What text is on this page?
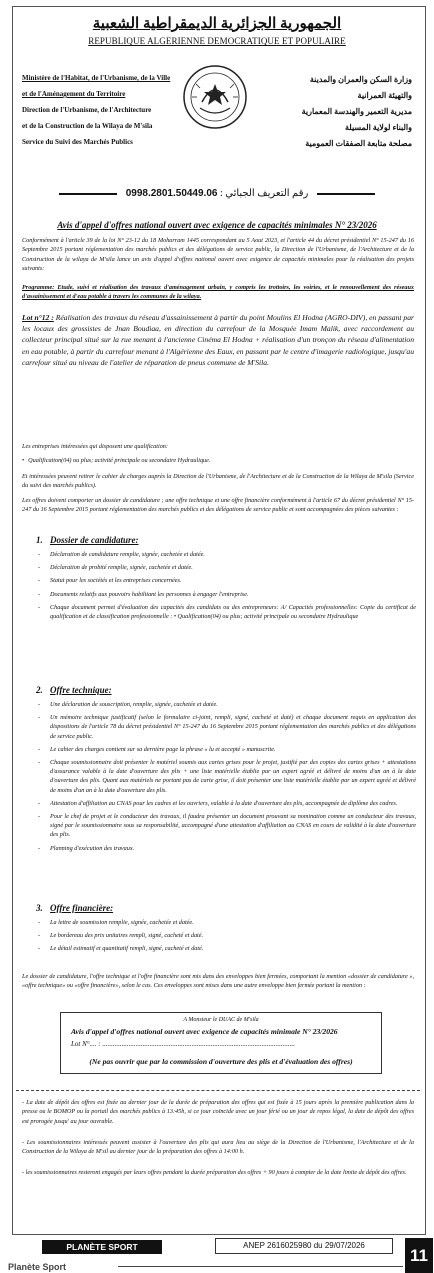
الجمهورية الجزائرية الديمقراطية الشعبية
REPUBLIQUE ALGERIENNE DEMOCRATIQUE ET POPULAIRE
Ministère de l'Habitat, de l'Urbanisme, de la Ville
et de l'Aménagement du Territoire
Direction de l'Urbanisme, de l'Architecture
et de la Construction de la Wilaya de M'sila
Service du Suivi des Marchés Publics
وزارة السكن والعمران والمدينة
والتهيئة العمرانية
مديرية التعمير والهندسة المعمارية
والبناء لولاية المسيلة
مصلحة متابعة الصفقات العمومية
0998.2801.50449.06 : رقم التعريف الجبائي
Avis d'appel d'offres national ouvert avec exigence de capacités minimales N° 23/2026
Conformément à l'article 39 de la loi N° 23-12 du 18 Moharram 1445 correspondant au 5 Aout 2023, et l'article 44 du décret présidentiel N° 15-247 du 16 Septembre 2015 portant réglementation des marchés publics et des délégations de service public, la Direction de l'Urbanisme, de l'Architecture et de la Construction de la wilaya de M'sila lance un avis d'appel d'offres national ouvert avec exigence de capacités minimales pour la réalisation des projets suivants:
Programme: Etude, suivi et réalisation des travaux d'aménagement urbain, y compris les trottoirs, les voiries, et le renouvellement des réseaux d'assainissement et d'eau potable à travers les communes de la wilaya.
Lot n°12 : Réalisation des travaux du réseau d'assainissement à partir du point Moulins El Hodna (AGRO-DIV), en passant par les locaux des grossistes de Jnan Boudiaa, en direction du carrefour de la Mosquée Imam Malik, avec raccordement au collecteur principal situé sur la rue menant à l'ancienne Cinéma El Hodna + réalisation d'un tronçon du réseau d'alimentation en eau potable, à partir du carrefour menant à l'Algérienne des Eaux, en passant par le centre d'imagerie radiologique, jusqu'au carrefour situé au niveau de l'atelier de réparation de pneus commune de M'Sila.
Les entreprises intéressées qui disposent une qualification:
• Qualification(04) ou plus; activité principale ou secondaire Hydraulique.
Et intéressées peuvent retirer le cahier de charges auprès la Direction de l'Urbanisme, de l'Architecture et de la Construction de la Wilaya de M'sila (Service du suivi des marchés publics).
Les offres doivent comporter un dossier de candidature ; une offre technique et une offre financière conformément à l'article 67 du décret présidentiel N° 15-247 du 16 Septembre 2015 portant réglementation des marchés publics et des délégations de service public et sont accompagnées des pièces suivantes :
1. Dossier de candidature:
- Déclaration de candidature remplie, signée, cachetée et datée.
- Déclaration de probité remplie, signée, cachetée et datée.
- Statut pour les sociétés et les entreprises concernées.
- Documents relatifs aux pouvoirs habilitant les personnes à engager l'entreprise.
- Chaque document permet d'évaluation des capacités des candidats ou des entrepreneurs: A/ Capacités professionnelles: Copie du certificat de qualification et de classification professionnelle : • Qualification(04) ou plus; activité principale ou secondaire Hydraulique
2. Offre technique:
- Une déclaration de souscription, remplie, signée, cachetée et datée.
- Un mémoire technique justificatif (selon le formulaire ci-joint, rempli, signé, cacheté et daté) et chaque document requis en application des dispositions de l'article 78 du décret présidentiel N° 15-247 du 16 Septembre 2015 portant réglementation des marchés publics et des délégations de service public.
- Le cahier des charges contient sur sa dernière page la phrase « lu et accepté » manuscrite.
- Chaque soumissionnaire doit présenter le matériel soumis aux cartes grises pour le projet, justifié par des copies des cartes grises + attestations d'assurance valable à la date d'ouverture des plis + une liste matérielle établie par un expert agréé et délivré de moins d'un an à la date d'ouverture des plis. Quant aux matériels ne portant pas de carte grise, il doit présenter une liste matérielle établie par un expert agréé et délivré de moins d'un an à la date d'ouverture des plis.
- Attestation d'affiliation au CNAS pour les cadres et les ouvriers, valable à la date d'ouverture des plis, accompagnée de diplôme des cadres.
- Pour le chef de projet et le conducteur des travaux, il faudra présenter un document prouvant sa nomination comme un conducteur des travaux, signé par le soumissionnaire sous sa responsabilité, accompagné d'une attestation d'affiliation au CNAS en cours de validité à la date d'ouverture des plis.
- Planning d'exécution des travaux.
3. Offre financière:
- La lettre de soumission remplie, signée, cachetée et datée.
- Le bordereau des prix unitaires rempli, signé, cacheté et daté.
- Le détail estimatif et quantitatif rempli, signé, cacheté et daté.
Le dossier de candidature, l'offre technique et l'offre financière sont mis dans des enveloppes bien fermées, comportant la mention «dossier de candidature », «offre technique» ou «offre financière», selon le cas. Ces enveloppes sont mises dans une autre enveloppe bien fermée portant la mention :
A Monsieur le DUAC de M'sila
Avis d'appel d'offres national ouvert avec exigence de capacités minimale N° 23/2026
Lot N°.... : ..............................................................................................................
(Ne pas ouvrir que par la commission d'ouverture des plis et d'évaluation des offres)
- La date de dépôt des offres est fixée au dernier jour de la durée de préparation des offres qui est fixée à 15 jours après la première publication dans la presse ou le BOMOP ou la portail des marchés publics à 13:45h, si ce jour coïncide avec un jour férié ou un jour de repos légal, la date de dépôt des offres est prorogée jusqu' au jour ouvrable.
- Les soumissionnaires intéressés peuvent assister à l'ouverture des plis qui aura lieu au siège de la Direction de l'Urbanisme, l'Architecture et de la Construction de la Wilaya de M'sil au dernier jour de la préparation des offres à 14:00 h.
- les soumissionnaires resteront engagés par leurs offres pendant la durée préparation des offres + 90 jours à compter de la date limite de dépôt des offres.
PLANÈTE SPORT	ANEP 2616025980 du 29/07/2026
11
Planète Sport
